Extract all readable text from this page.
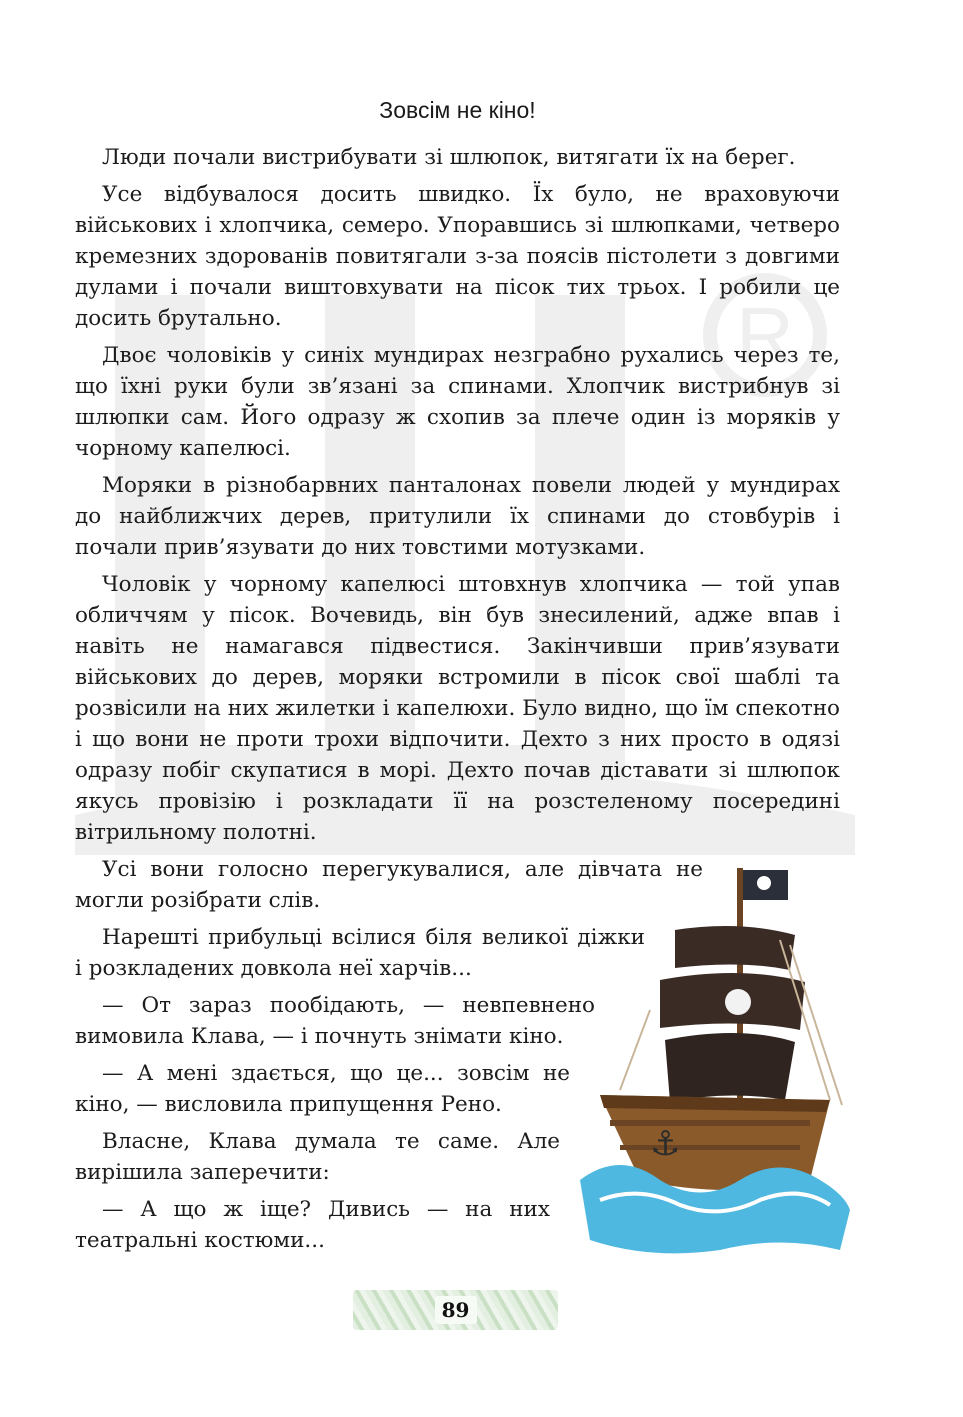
R
Зовсім не кіно!

Люди почали вистрибувати зі шлюпок, витягати їх на берег.

Усе відбувалося досить швидко. Їх було, не враховуючи військових і хлопчика, семеро. Упоравшись зі шлюпками, четверо кремезних здорованів повитягали з-за поясів пістолети з довгими дулами і почали виштовхувати на пісок тих трьох. І робили це досить брутально.

Двоє чоловіків у синіх мундирах незграбно рухались через те, що їхні руки були зв’язані за спинами. Хлопчик вистрибнув зі шлюпки сам. Його одразу ж схопив за плече один із моряків у чорному капелюсі.

Моряки в різнобарвних панталонах повели людей у мундирах до найближчих дерев, притулили їх спинами до стовбурів і почали прив’язувати до них товстими мотузками.

Чоловік у чорному капелюсі штовхнув хлопчика — той упав обличчям у пісок. Вочевидь, він був знесилений, адже впав і навіть не намагався підвестися. Закінчивши прив’язувати військових до дерев, моряки встромили в пісок свої шаблі та розвісили на них жилетки і капелюхи. Було видно, що їм спекотно і що вони не проти трохи відпочити. Дехто з них просто в одязі одразу побіг скупатися в морі. Дехто почав діставати зі шлюпок якусь провізію і розкладати її на розстеленому посередині вітрильному полотні.

Усі вони голосно перегукувалися, але дівчата не могли розібрати слів.

Нарешті прибульці всілися біля великої діжки і розкладених довкола неї харчів...

— От зараз пообідають, — невпевнено вимовила Клава, — і почнуть знімати кіно.

— А мені здається, що це... зовсім не кіно, — висловила припущення Рено.

Власне, Клава думала те саме. Але вирішила заперечити:

— А що ж іще? Дивись — на них театральні костюми...

⚓
89
